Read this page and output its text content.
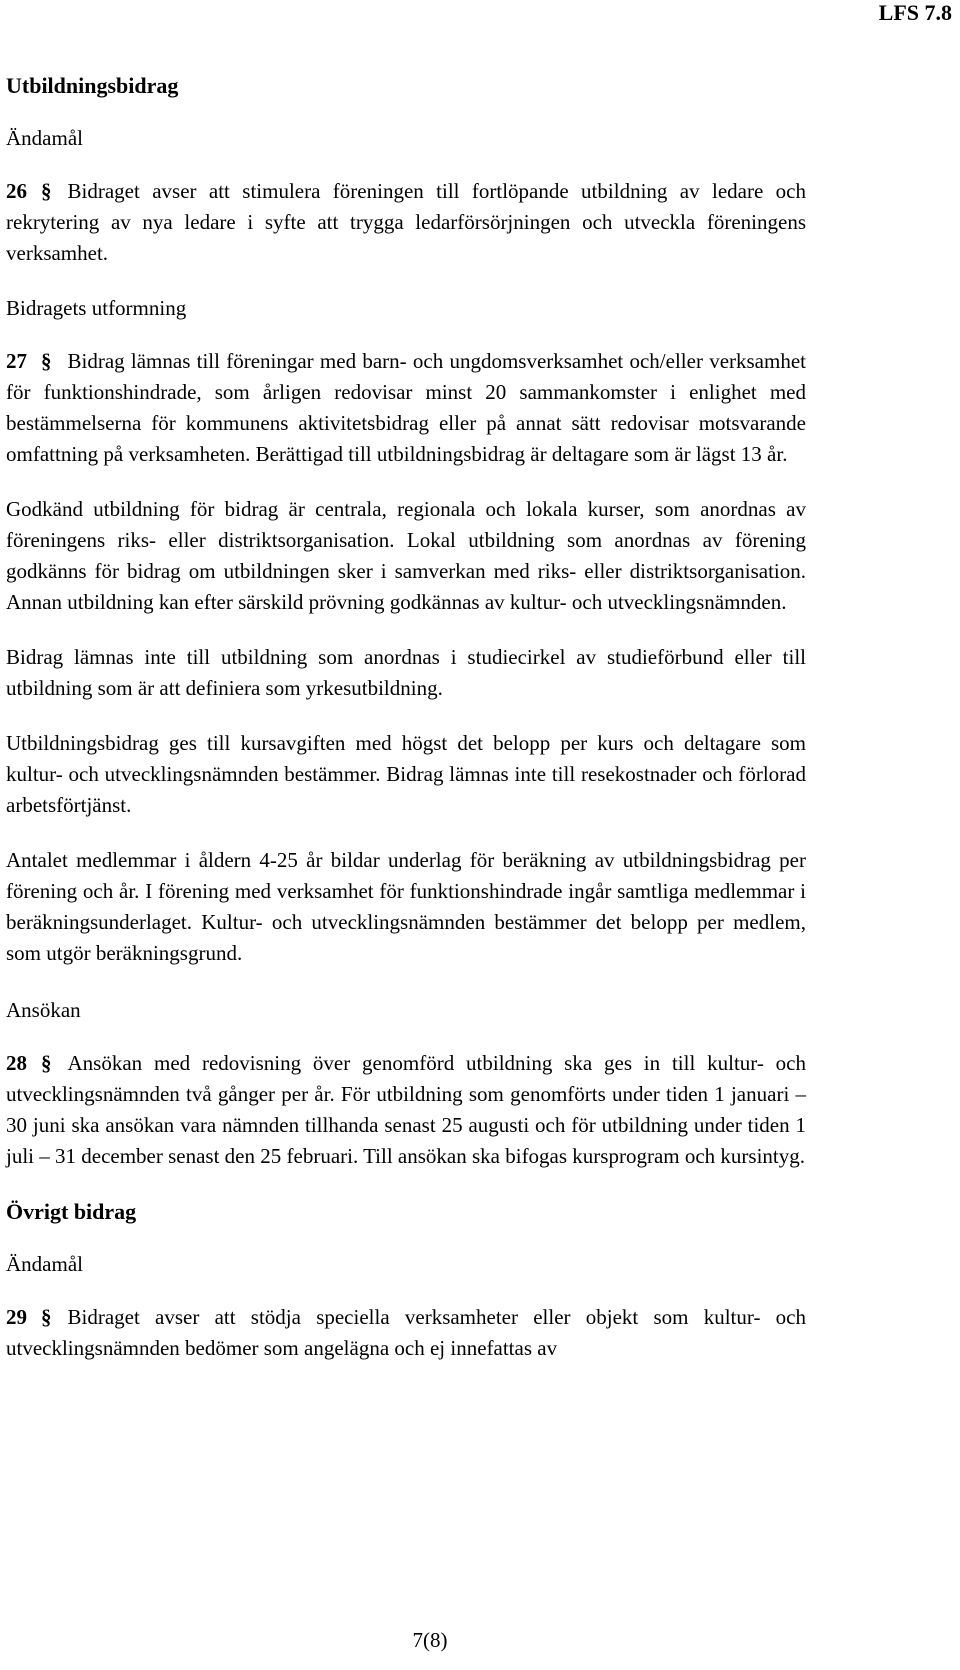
LFS 7.8
Utbildningsbidrag
Ändamål

26 § Bidraget avser att stimulera föreningen till fortlöpande utbildning av ledare och rekrytering av nya ledare i syfte att trygga ledarförsörjningen och utveckla föreningens verksamhet.

Bidragets utformning

27 § Bidrag lämnas till föreningar med barn- och ungdomsverksamhet och/eller verksamhet för funktionshindrade, som årligen redovisar minst 20 sammankomster i enlighet med bestämmelserna för kommunens aktivitetsbidrag eller på annat sätt redovisar motsvarande omfattning på verksamheten. Berättigad till utbildningsbidrag är deltagare som är lägst 13 år.

Godkänd utbildning för bidrag är centrala, regionala och lokala kurser, som anordnas av föreningens riks- eller distriktsorganisation. Lokal utbildning som anordnas av förening godkänns för bidrag om utbildningen sker i samverkan med riks- eller distriktsorganisation. Annan utbildning kan efter särskild prövning godkännas av kultur- och utvecklingsnämnden.

Bidrag lämnas inte till utbildning som anordnas i studiecirkel av studieförbund eller till utbildning som är att definiera som yrkesutbildning.

Utbildningsbidrag ges till kursavgiften med högst det belopp per kurs och deltagare som kultur- och utvecklingsnämnden bestämmer. Bidrag lämnas inte till resekostnader och förlorad arbetsförtjänst.

Antalet medlemmar i åldern 4-25 år bildar underlag för beräkning av utbildningsbidrag per förening och år. I förening med verksamhet för funktionshindrade ingår samtliga medlemmar i beräkningsunderlaget. Kultur- och utvecklingsnämnden bestämmer det belopp per medlem, som utgör beräkningsgrund.

Ansökan

28 § Ansökan med redovisning över genomförd utbildning ska ges in till kultur- och utvecklingsnämnden två gånger per år. För utbildning som genomförts under tiden 1 januari – 30 juni ska ansökan vara nämnden tillhanda senast 25 augusti och för utbildning under tiden 1 juli – 31 december senast den 25 februari. Till ansökan ska bifogas kursprogram och kursintyg.

Övrigt bidrag
Ändamål

29 § Bidraget avser att stödja speciella verksamheter eller objekt som kultur- och utvecklingsnämnden bedömer som angelägna och ej innefattas av

7(8)
